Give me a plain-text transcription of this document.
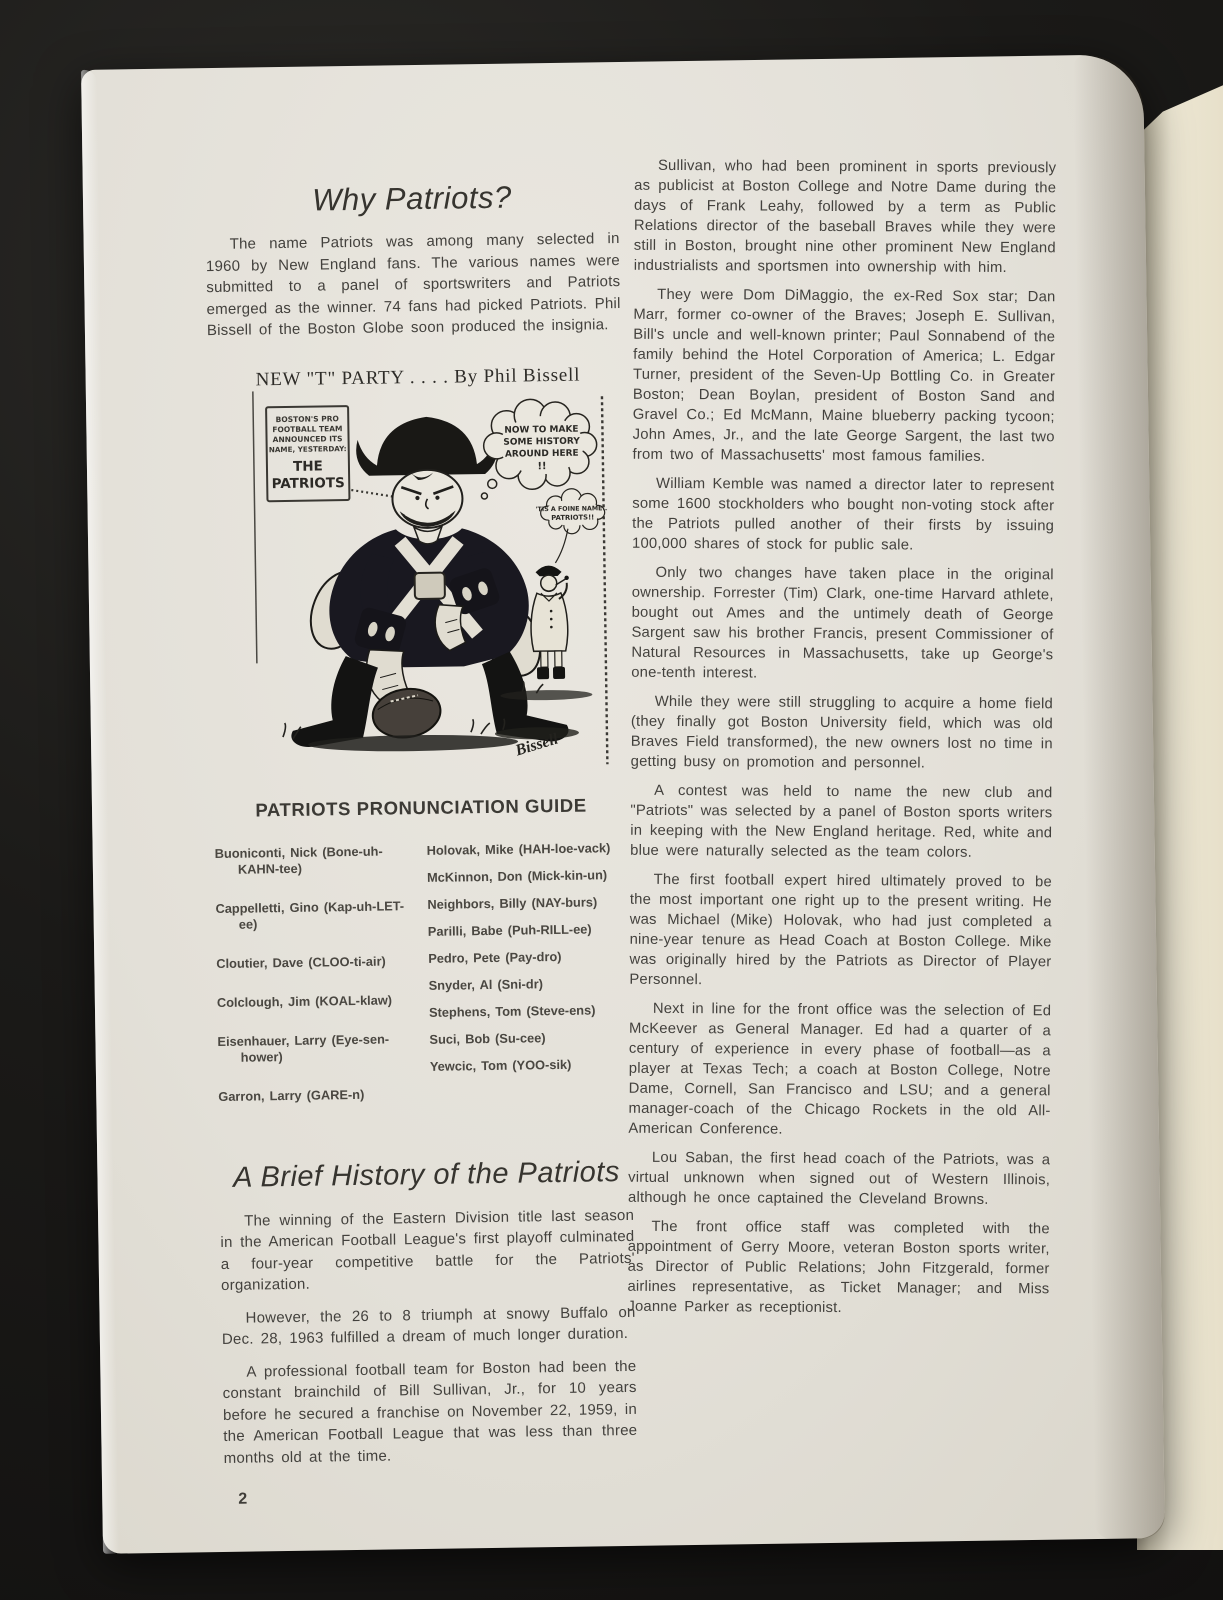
Why Patriots?

The name Patriots was among many selected in 1960 by New England fans. The various names were submitted to a panel of sportswriters and Patriots emerged as the winner. 74 fans had picked Patriots. Phil Bissell of the Boston Globe soon produced the insignia.

NEW "T" PARTY . . . . By Phil Bissell
BOSTON'S PRO
FOOTBALL TEAM
ANNOUNCED ITS
NAME, YESTERDAY:
THE
PATRIOTS
NOW TO MAKE
SOME HISTORY
AROUND HERE
!!
'TIS A FOINE NAME...
PATRIOTS!!
Bissell
PATRIOTS PRONUNCIATION GUIDE
Buoniconti, Nick (Bone-uh-KAHN-tee)
Cappelletti, Gino (Kap-uh-LET-ee)
Cloutier, Dave (CLOO-ti-air)
Colclough, Jim (KOAL-klaw)
Eisenhauer, Larry (Eye-sen-hower)
Garron, Larry (GARE-n)
Holovak, Mike (HAH-loe-vack)
McKinnon, Don (Mick-kin-un)
Neighbors, Billy (NAY-burs)
Parilli, Babe (Puh-RILL-ee)
Pedro, Pete (Pay-dro)
Snyder, Al (Sni-dr)
Stephens, Tom (Steve-ens)
Suci, Bob (Su-cee)
Yewcic, Tom (YOO-sik)
A Brief History of the Patriots

The winning of the Eastern Division title last season in the American Football League's first playoff culminated a four-year competitive battle for the Patriots' organization.

However, the 26 to 8 triumph at snowy Buffalo on Dec. 28, 1963 fulfilled a dream of much longer duration.

A professional football team for Boston had been the constant brainchild of Bill Sullivan, Jr., for 10 years before he secured a franchise on November 22, 1959, in the American Football League that was less than three months old at the time.

2

Sullivan, who had been prominent in sports previously as publicist at Boston College and Notre Dame during the days of Frank Leahy, followed by a term as Public Relations director of the baseball Braves while they were still in Boston, brought nine other prominent New England industrialists and sportsmen into ownership with him.

They were Dom DiMaggio, the ex-Red Sox star; Dan Marr, former co-owner of the Braves; Joseph E. Sullivan, Bill's uncle and well-known printer; Paul Sonnabend of the family behind the Hotel Corporation of America; L. Edgar Turner, president of the Seven-Up Bottling Co. in Greater Boston; Dean Boylan, president of Boston Sand and Gravel Co.; Ed McMann, Maine blueberry packing tycoon; John Ames, Jr., and the late George Sargent, the last two from two of Massachusetts' most famous families.

William Kemble was named a director later to represent some 1600 stockholders who bought non-voting stock after the Patriots pulled another of their firsts by issuing 100,000 shares of stock for public sale.

Only two changes have taken place in the original ownership. Forrester (Tim) Clark, one-time Harvard athlete, bought out Ames and the untimely death of George Sargent saw his brother Francis, present Commissioner of Natural Resources in Massachusetts, take up George's one-tenth interest.

While they were still struggling to acquire a home field (they finally got Boston University field, which was old Braves Field transformed), the new owners lost no time in getting busy on promotion and personnel.

A contest was held to name the new club and "Patriots" was selected by a panel of Boston sports writers in keeping with the New England heritage. Red, white and blue were naturally selected as the team colors.

The first football expert hired ultimately proved to be the most important one right up to the present writing. He was Michael (Mike) Holovak, who had just completed a nine-year tenure as Head Coach at Boston College. Mike was originally hired by the Patriots as Director of Player Personnel.

Next in line for the front office was the selection of Ed McKeever as General Manager. Ed had a quarter of a century of experience in every phase of football—as a player at Texas Tech; a coach at Boston College, Notre Dame, Cornell, San Francisco and LSU; and a general manager-coach of the Chicago Rockets in the old All-American Conference.

Lou Saban, the first head coach of the Patriots, was a virtual unknown when signed out of Western Illinois, although he once captained the Cleveland Browns.

The front office staff was completed with the appointment of Gerry Moore, veteran Boston sports writer, as Director of Public Relations; John Fitzgerald, former airlines representative, as Ticket Manager; and Miss Joanne Parker as receptionist.
